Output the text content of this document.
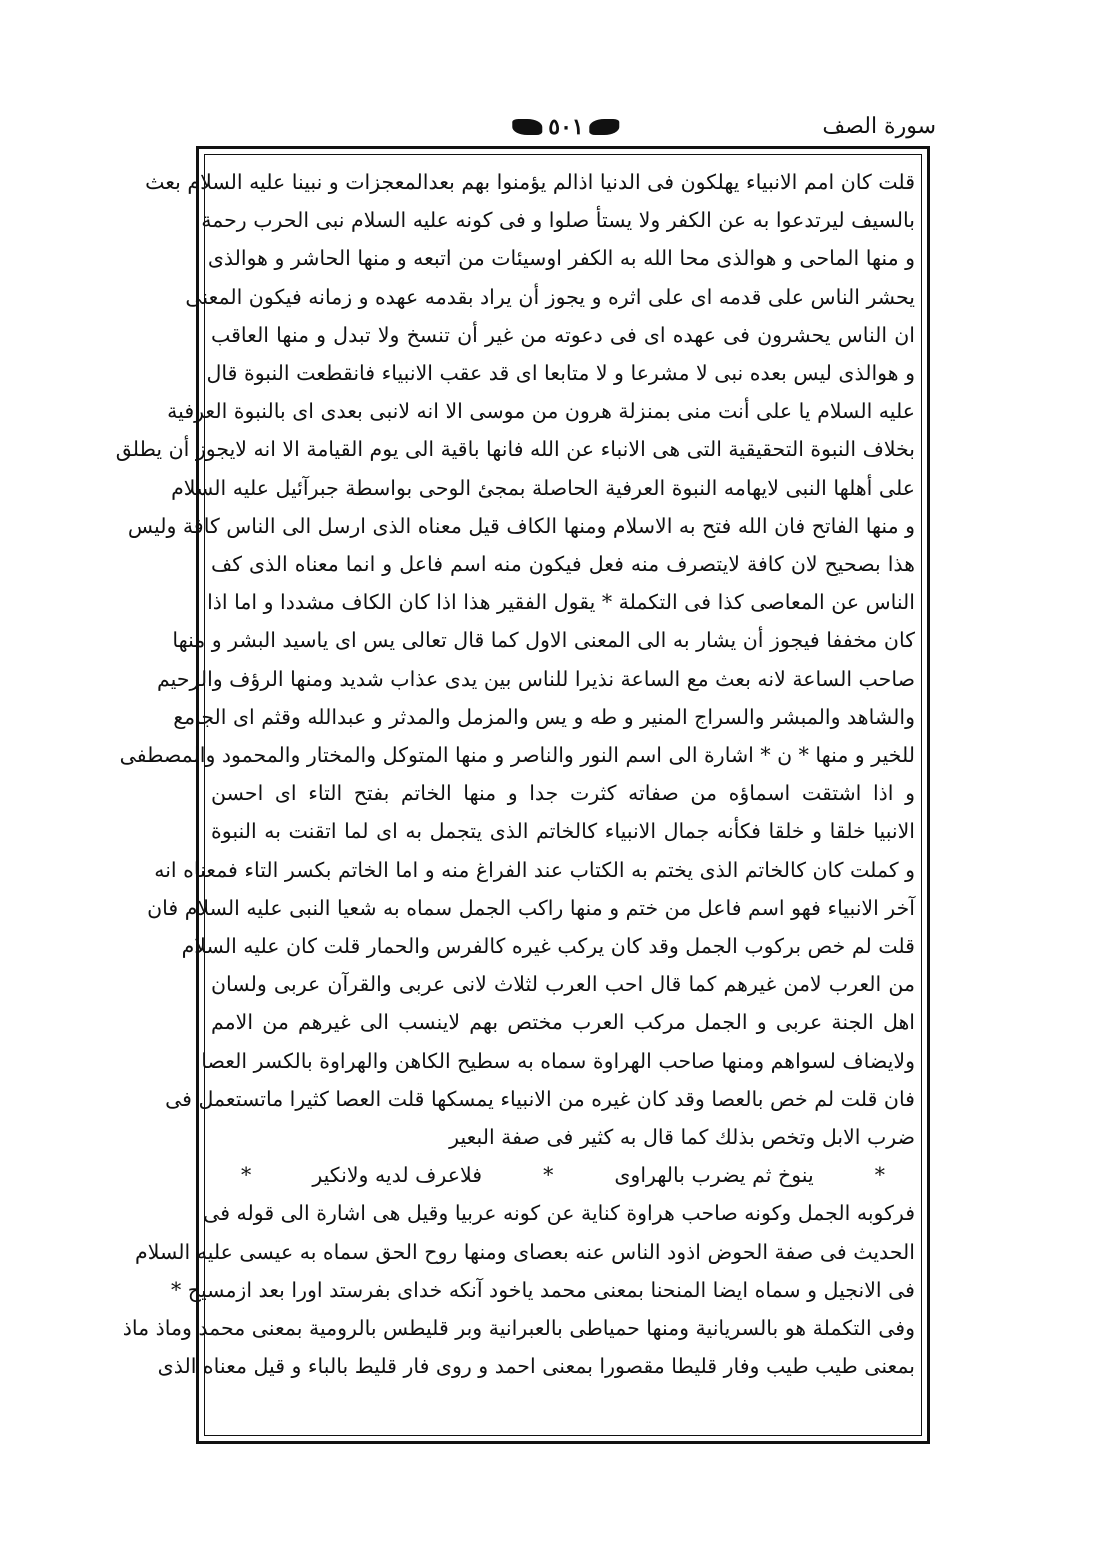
سورة الصف
٥٠١
قلت كان امم الانبياء يهلكون فى الدنيا اذالم يؤمنوا بهم بعدالمعجزات و نبينا عليه السلام بعث
بالسيف ليرتدعوا به عن الكفر ولا يستأ صلوا و فى كونه عليه السلام نبى الحرب رحمة
و منها الماحى و هوالذى محا الله به الكفر اوسيئات من اتبعه و منها الحاشر و هوالذى
يحشر الناس على قدمه اى على اثره و يجوز أن يراد بقدمه عهده و زمانه فيكون المعنى
ان الناس يحشرون فى عهده اى فى دعوته من غير أن تنسخ ولا تبدل و منها العاقب
و هوالذى ليس بعده نبى لا مشرعا و لا متابعا اى قد عقب الانبياء فانقطعت النبوة قال
عليه السلام يا على أنت منى بمنزلة هرون من موسى الا انه لانبى بعدى اى بالنبوة العرفية
بخلاف النبوة التحقيقية التى هى الانباء عن الله فانها باقية الى يوم القيامة الا انه لايجوز أن يطلق
على أهلها النبى لايهامه النبوة العرفية الحاصلة بمجئ الوحى بواسطة جبرآئيل عليه السلام
و منها الفاتح فان الله فتح به الاسلام ومنها الكاف قيل معناه الذى ارسل الى الناس كافة وليس
هذا بصحيح لان كافة لايتصرف منه فعل فيكون منه اسم فاعل و انما معناه الذى كف
الناس عن المعاصى كذا فى التكملة * يقول الفقير هذا اذا كان الكاف مشددا و اما اذا
كان مخففا فيجوز أن يشار به الى المعنى الاول كما قال تعالى يس اى ياسيد البشر و منها
صاحب الساعة لانه بعث مع الساعة نذيرا للناس بين يدى عذاب شديد ومنها الرؤف والرحيم
والشاهد والمبشر والسراج المنير و طه و يس والمزمل والمدثر و عبدالله وقثم اى الجامع
للخير و منها * ن * اشارة الى اسم النور والناصر و منها المتوكل والمختار والمحمود والمصطفى
و اذا اشتقت اسماؤه من صفاته كثرت جدا و منها الخاتم بفتح التاء اى احسن
الانبيا خلقا و خلقا فكأنه جمال الانبياء كالخاتم الذى يتجمل به اى لما اتقنت به النبوة
و كملت كان كالخاتم الذى يختم به الكتاب عند الفراغ منه و اما الخاتم بكسر التاء فمعناه انه
آخر الانبياء فهو اسم فاعل من ختم و منها راكب الجمل سماه به شعيا النبى عليه السلام فان
قلت لم خص بركوب الجمل وقد كان يركب غيره كالفرس والحمار قلت كان عليه السلام
من العرب لامن غيرهم كما قال احب العرب لثلاث لانى عربى والقرآن عربى ولسان
اهل الجنة عربى و الجمل مركب العرب مختص بهم لاينسب الى غيرهم من الامم
ولايضاف لسواهم ومنها صاحب الهراوة سماه به سطيح الكاهن والهراوة بالكسر العصا
فان قلت لم خص بالعصا وقد كان غيره من الانبياء يمسكها قلت العصا كثيرا ماتستعمل فى
ضرب الابل وتخص بذلك كما قال به كثير فى صفة البعير
*
ينوخ ثم يضرب بالهراوى
*
فلاعرف لديه ولانكير
*
فركوبه الجمل وكونه صاحب هراوة كناية عن كونه عربيا وقيل هى اشارة الى قوله فى
الحديث فى صفة الحوض اذود الناس عنه بعصاى ومنها روح الحق سماه به عيسى عليه السلام
فى الانجيل و سماه ايضا المنحنا بمعنى محمد ياخود آنكه خداى بفرستد اورا بعد ازمسيح *
وفى التكملة هو بالسريانية ومنها حمياطى بالعبرانية وبر قليطس بالرومية بمعنى محمد وماذ ماذ
بمعنى طيب طيب وفار قليطا مقصورا بمعنى احمد و روى فار قليط بالباء و قيل معناه الذى
